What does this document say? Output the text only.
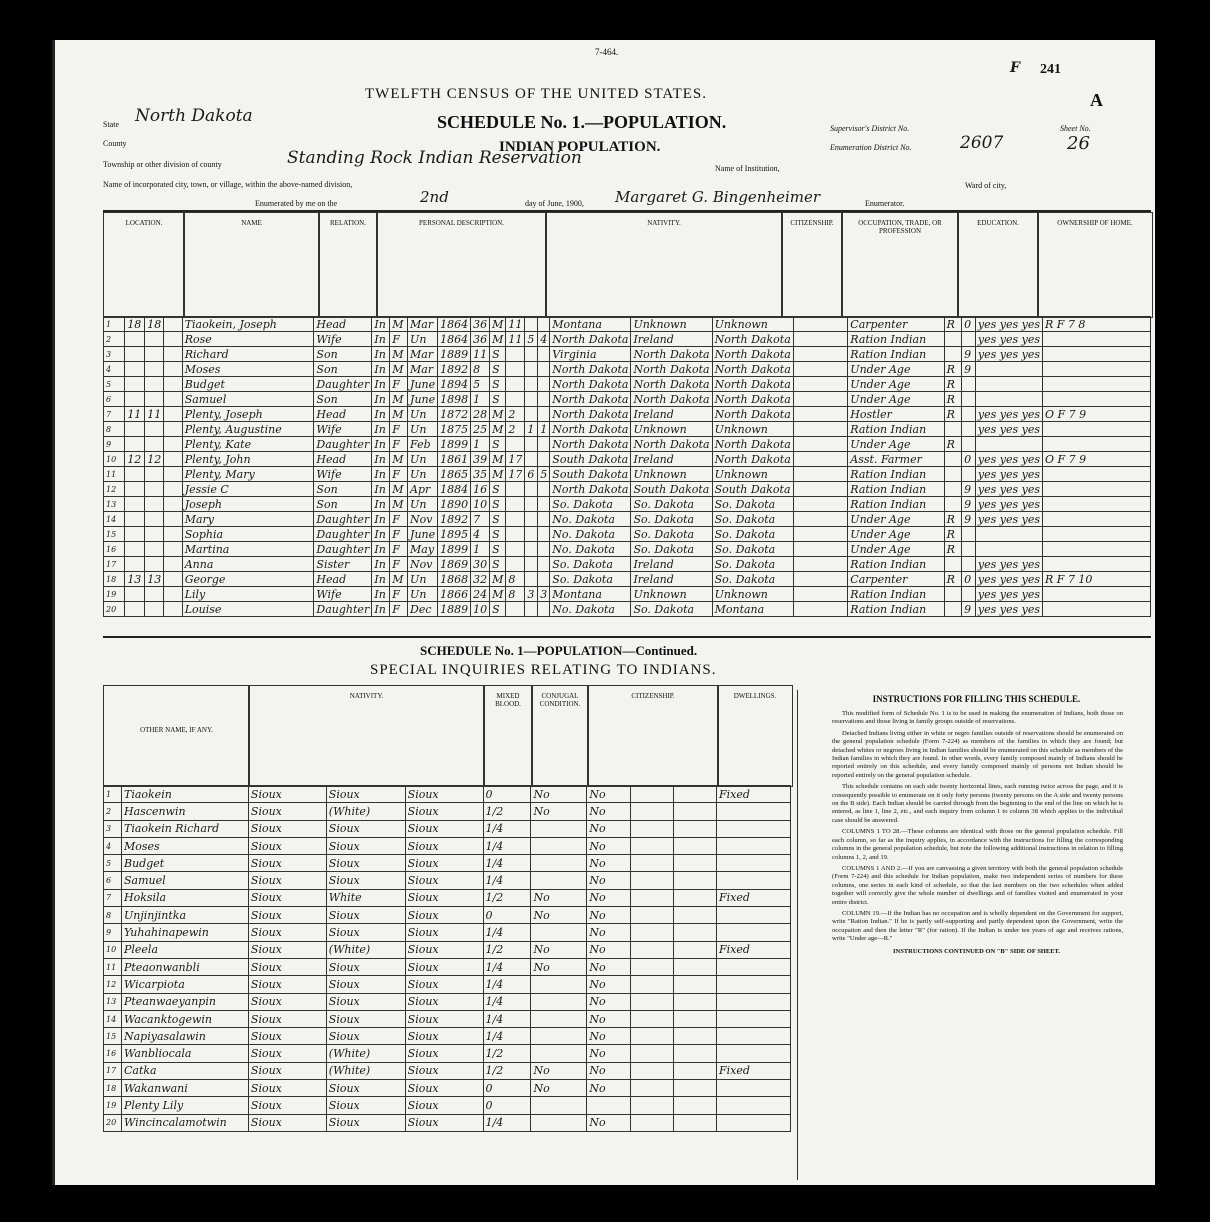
7-464.
F 241
A
TWELFTH CENSUS OF THE UNITED STATES.
SCHEDULE No. 1.—POPULATION.
INDIAN POPULATION.
State North Dakota
County
Township or other division of county	Standing Rock Indian Reservation
Name of incorporated city, town, or village, within the above-named division,
Enumerated by me on the	2nd	day of June, 1900, Margaret G. Bingenheimer	Enumerator.
Name of Institution,
Ward of city,
Supervisor's District No.
Enumeration District No.	2607
Sheet No.
26
LOCATION.	NAME	RELATION.	PERSONAL DESCRIPTION.	NATIVITY.	CITIZENSHIP.	OCCUPATION, TRADE, OR PROFESSION
EDUCATION.	OWNERSHIP OF HOME.
1	18	18		Tiaokein, Joseph	Head	In	M	Mar	1864	36	M	11			Montana	Unknown	Unknown		Carpenter	R	0	yes yes yes	R F 7 8
2				Rose	Wife	In	F	Un	1864	36	M	11	5	4	North Dakota	Ireland	North Dakota		Ration Indian			yes yes yes	
3				Richard	Son	In	M	Mar	1889	11	S				Virginia	North Dakota	North Dakota		Ration Indian		9	yes yes yes	
4				Moses	Son	In	M	Mar	1892	8	S				North Dakota	North Dakota	North Dakota		Under Age	R	9		
5				Budget	Daughter	In	F	June	1894	5	S				North Dakota	North Dakota	North Dakota		Under Age	R			
6				Samuel	Son	In	M	June	1898	1	S				North Dakota	North Dakota	North Dakota		Under Age	R			
7	11	11		Plenty, Joseph	Head	In	M	Un	1872	28	M	2			North Dakota	Ireland	North Dakota		Hostler	R		yes yes yes	O F 7 9
8				Plenty, Augustine	Wife	In	F	Un	1875	25	M	2	1	1	North Dakota	Unknown	Unknown		Ration Indian			yes yes yes	
9				Plenty, Kate	Daughter	In	F	Feb	1899	1	S				North Dakota	North Dakota	North Dakota		Under Age	R			
10	12	12		Plenty, John	Head	In	M	Un	1861	39	M	17			South Dakota	Ireland	North Dakota		Asst. Farmer		0	yes yes yes	O F 7 9
11				Plenty, Mary	Wife	In	F	Un	1865	35	M	17	6	5	South Dakota	Unknown	Unknown		Ration Indian			yes yes yes	
12				Jessie C	Son	In	M	Apr	1884	16	S				North Dakota	South Dakota	South Dakota		Ration Indian		9	yes yes yes	
13				Joseph	Son	In	M	Un	1890	10	S				So. Dakota	So. Dakota	So. Dakota		Ration Indian		9	yes yes yes	
14				Mary	Daughter	In	F	Nov	1892	7	S				No. Dakota	So. Dakota	So. Dakota		Under Age	R	9	yes yes yes	
15				Sophia	Daughter	In	F	June	1895	4	S				No. Dakota	So. Dakota	So. Dakota		Under Age	R			
16				Martina	Daughter	In	F	May	1899	1	S				No. Dakota	So. Dakota	So. Dakota		Under Age	R			
17				Anna	Sister	In	F	Nov	1869	30	S				So. Dakota	Ireland	So. Dakota		Ration Indian			yes yes yes	
18	13	13		George	Head	In	M	Un	1868	32	M	8			So. Dakota	Ireland	So. Dakota		Carpenter	R	0	yes yes yes	R F 7 10
19				Lily	Wife	In	F	Un	1866	24	M	8	3	3	Montana	Unknown	Unknown		Ration Indian			yes yes yes	
20				Louise	Daughter	In	F	Dec	1889	10	S				No. Dakota	So. Dakota	Montana		Ration Indian		9	yes yes yes	
SCHEDULE No. 1—POPULATION—Continued.
SPECIAL INQUIRIES RELATING TO INDIANS.
OTHER NAME, IF ANY.
NATIVITY.	MIXED BLOOD.
CONJUGAL CONDITION.
CITIZENSHIP.	DWELLINGS.
1	Tiaokein	Sioux	Sioux	Sioux	0	No	No			Fixed
2	Hascenwin	Sioux	(White)	Sioux	1/2	No	No			
3	Tiaokein Richard	Sioux	Sioux	Sioux	1/4		No			
4	Moses	Sioux	Sioux	Sioux	1/4		No			
5	Budget	Sioux	Sioux	Sioux	1/4		No			
6	Samuel	Sioux	Sioux	Sioux	1/4		No			
7	Hoksila	Sioux	White	Sioux	1/2	No	No			Fixed
8	Unjinjintka	Sioux	Sioux	Sioux	0	No	No			
9	Yuhahinapewin	Sioux	Sioux	Sioux	1/4		No			
10	Pleela	Sioux	(White)	Sioux	1/2	No	No			Fixed
11	Pteaonwanbli	Sioux	Sioux	Sioux	1/4	No	No			
12	Wicarpiota	Sioux	Sioux	Sioux	1/4		No			
13	Pteanwaeyanpin	Sioux	Sioux	Sioux	1/4		No			
14	Wacanktogewin	Sioux	Sioux	Sioux	1/4		No			
15	Napiyasalawin	Sioux	Sioux	Sioux	1/4		No			
16	Wanbliocala	Sioux	(White)	Sioux	1/2		No			
17	Catka	Sioux	(White)	Sioux	1/2	No	No			Fixed
18	Wakanwani	Sioux	Sioux	Sioux	0	No	No			
19	Plenty Lily	Sioux	Sioux	Sioux	0					
20	Wincincalamotwin	Sioux	Sioux	Sioux	1/4		No			
INSTRUCTIONS FOR FILLING THIS SCHEDULE.

This modified form of Schedule No. 1 is to be used in making the enumeration of Indians, both those on reservations and those living in family groups outside of reservations.

Detached Indians living either in white or negro families outside of reservations should be enumerated on the general population schedule (Form 7-224) as members of the families in which they are found; but detached whites or negroes living in Indian families should be enumerated on this schedule as members of the Indian families in which they are found. In other words, every family composed mainly of Indians should be reported entirely on this schedule, and every family composed mainly of persons not Indian should be reported entirely on the general population schedule.

This schedule contains on each side twenty horizontal lines, each running twice across the page, and it is consequently possible to enumerate on it only forty persons (twenty persons on the A side and twenty persons on the B side). Each Indian should be carried through from the beginning to the end of the line on which he is entered, as line 1, line 2, etc., and each inquiry from column 1 to column 38 which applies to the individual case should be answered.

COLUMNS 1 TO 28.—These columns are identical with those on the general population schedule. Fill each column, so far as the inquiry applies, in accordance with the instructions for filling the corresponding columns in the general population schedule, but note the following additional instructions in relation to filling columns 1, 2, and 19.

COLUMNS 1 AND 2.—If you are canvassing a given territory with both the general population schedule (Form 7-224) and this schedule for Indian population, make two independent series of numbers for these columns, one series in each kind of schedule, so that the last numbers on the two schedules when added together will correctly give the whole number of dwellings and of families visited and enumerated in your entire district.

COLUMN 19.—If the Indian has no occupation and is wholly dependent on the Government for support, write "Ration Indian." If he is partly self-supporting and partly dependent upon the Government, write the occupation and then the letter "R" (for ration). If the Indian is under ten years of age and receives rations, write "Under age—R."

INSTRUCTIONS CONTINUED ON "B" SIDE OF SHEET.
